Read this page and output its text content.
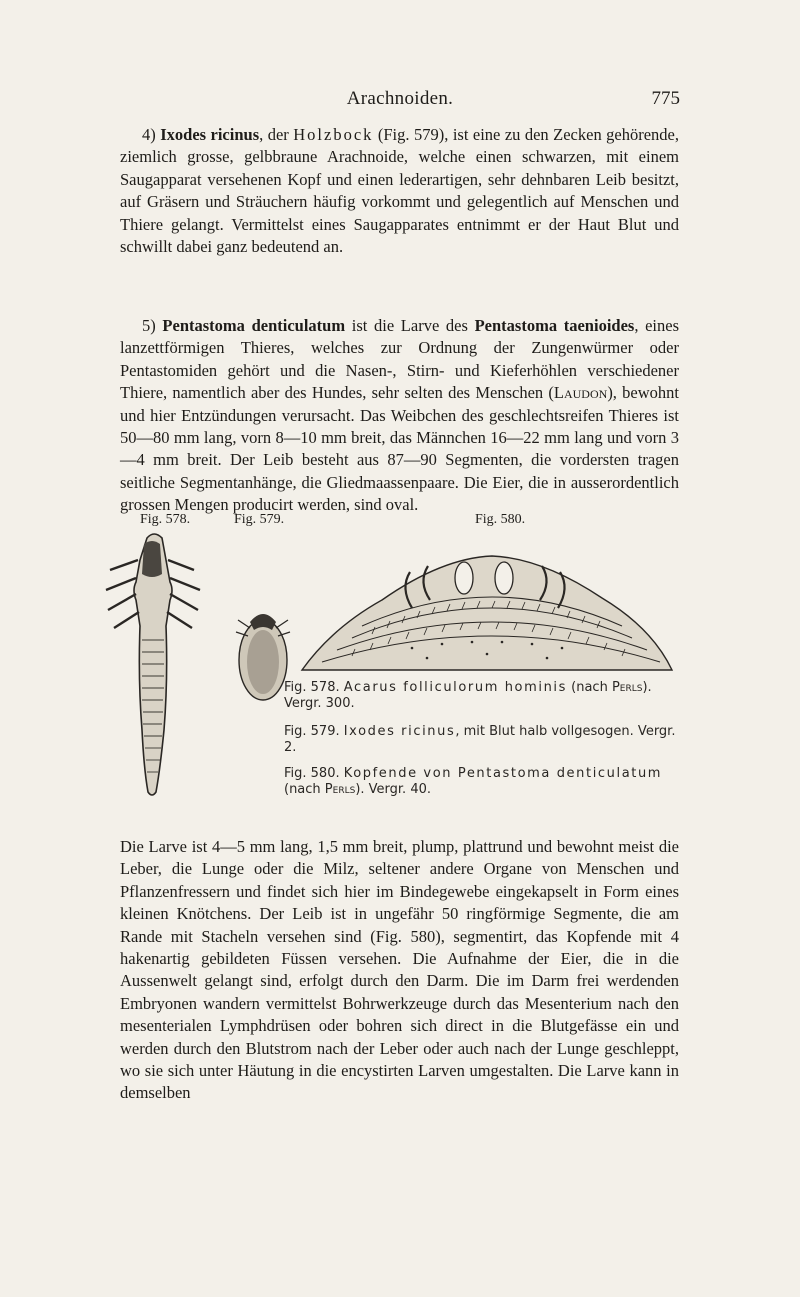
Arachnoiden.	775

4) Ixodes ricinus, der Holzbock (Fig. 579), ist eine zu den Zecken gehörende, ziemlich grosse, gelbbraune Arachnoide, welche einen schwarzen, mit einem Saugapparat versehenen Kopf und einen lederartigen, sehr dehnbaren Leib besitzt, auf Gräsern und Sträuchern häufig vorkommt und gelegentlich auf Menschen und Thiere gelangt. Vermittelst eines Saugapparates entnimmt er der Haut Blut und schwillt dabei ganz bedeutend an.

5) Pentastoma denticulatum ist die Larve des Pentastoma taenioides, eines lanzettförmigen Thieres, welches zur Ordnung der Zungenwürmer oder Pentastomiden gehört und die Nasen-, Stirn- und Kieferhöhlen verschiedener Thiere, namentlich aber des Hundes, sehr selten des Menschen (Laudon), bewohnt und hier Entzündungen verursacht. Das Weibchen des geschlechtsreifen Thieres ist 50—80 mm lang, vorn 8—10 mm breit, das Männchen 16—22 mm lang und vorn 3—4 mm breit. Der Leib besteht aus 87—90 Segmenten, die vordersten tragen seitliche Segmentanhänge, die Gliedmaassenpaare. Die Eier, die in ausserordentlich grossen Mengen producirt werden, sind oval.

Fig. 578.	Fig. 579.	Fig. 580.

Fig. 578. Acarus folliculorum hominis (nach Perls). Vergr. 300.

Fig. 579. Ixodes ricinus, mit Blut halb vollgesogen. Vergr. 2.

Fig. 580. Kopfende von Pentastoma denticulatum (nach Perls). Vergr. 40.

Die Larve ist 4—5 mm lang, 1,5 mm breit, plump, plattrund und bewohnt meist die Leber, die Lunge oder die Milz, seltener andere Organe von Menschen und Pflanzenfressern und findet sich hier im Bindegewebe eingekapselt in Form eines kleinen Knötchens. Der Leib ist in ungefähr 50 ringförmige Segmente, die am Rande mit Stacheln versehen sind (Fig. 580), segmentirt, das Kopfende mit 4 hakenartig gebildeten Füssen versehen. Die Aufnahme der Eier, die in die Aussenwelt gelangt sind, erfolgt durch den Darm. Die im Darm frei werdenden Embryonen wandern vermittelst Bohrwerkzeuge durch das Mesenterium nach den mesenterialen Lymphdrüsen oder bohren sich direct in die Blutgefässe ein und werden durch den Blutstrom nach der Leber oder auch nach der Lunge geschleppt, wo sie sich unter Häutung in die encystirten Larven umgestalten. Die Larve kann in demselben
